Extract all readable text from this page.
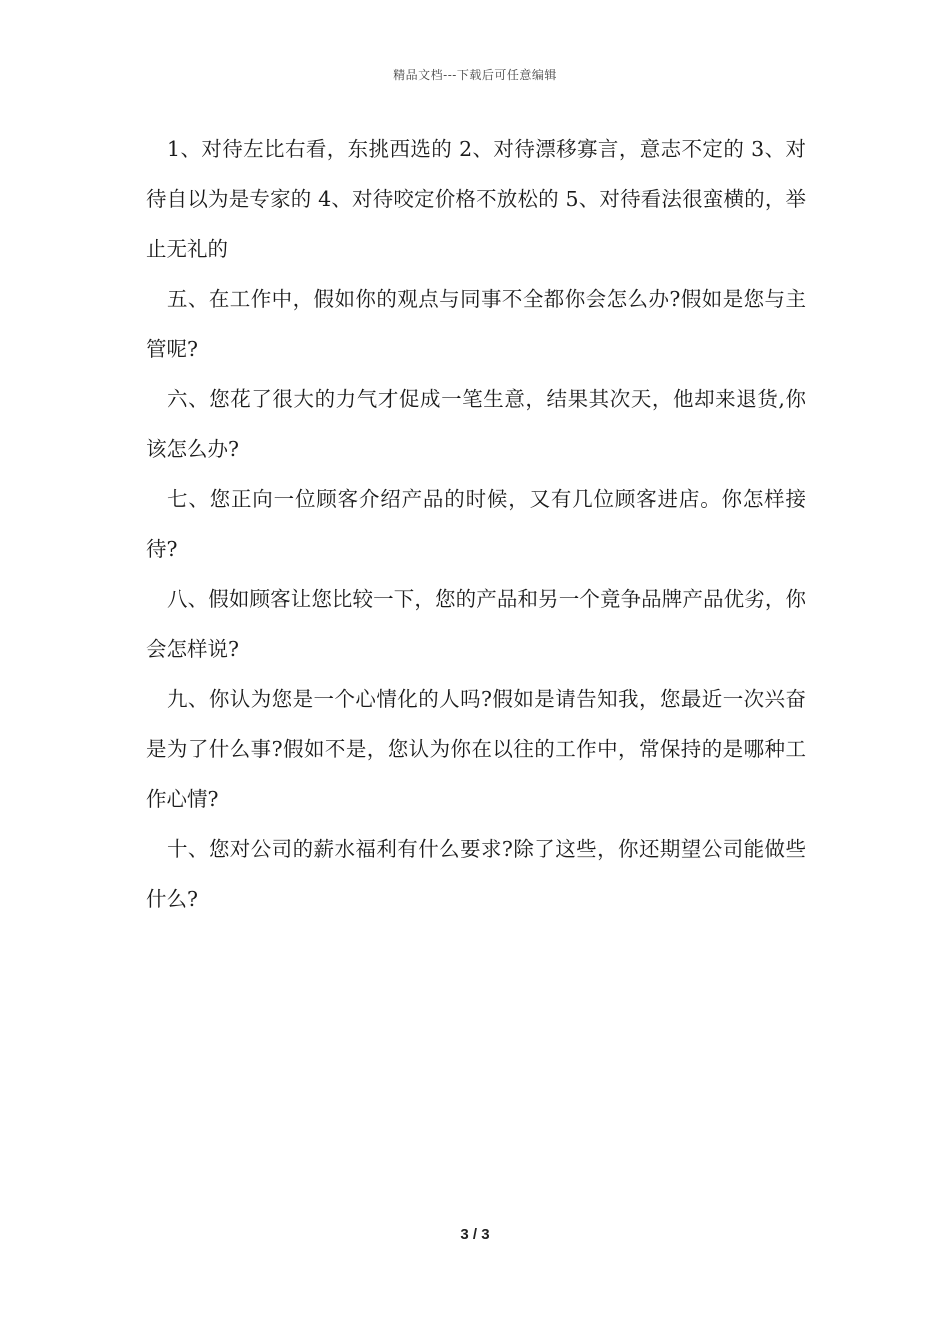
精品文档---下载后可任意编辑

1、对待左比右看，东挑西选的 2、对待漂移寡言，意志不定的 3、对待自以为是专家的 4、对待咬定价格不放松的 5、对待看法很蛮横的，举止无礼的

五、在工作中，假如你的观点与同事不全都你会怎么办?假如是您与主管呢?

六、您花了很大的力气才促成一笔生意，结果其次天，他却来退货,你该怎么办?

七、您正向一位顾客介绍产品的时候，又有几位顾客进店。你怎样接待?

八、假如顾客让您比较一下，您的产品和另一个竟争品牌产品优劣，你会怎样说?

九、你认为您是一个心情化的人吗?假如是请告知我，您最近一次兴奋是为了什么事?假如不是，您认为你在以往的工作中，常保持的是哪种工作心情?

十、您对公司的薪水福利有什么要求?除了这些，你还期望公司能做些什么?

3 / 3
